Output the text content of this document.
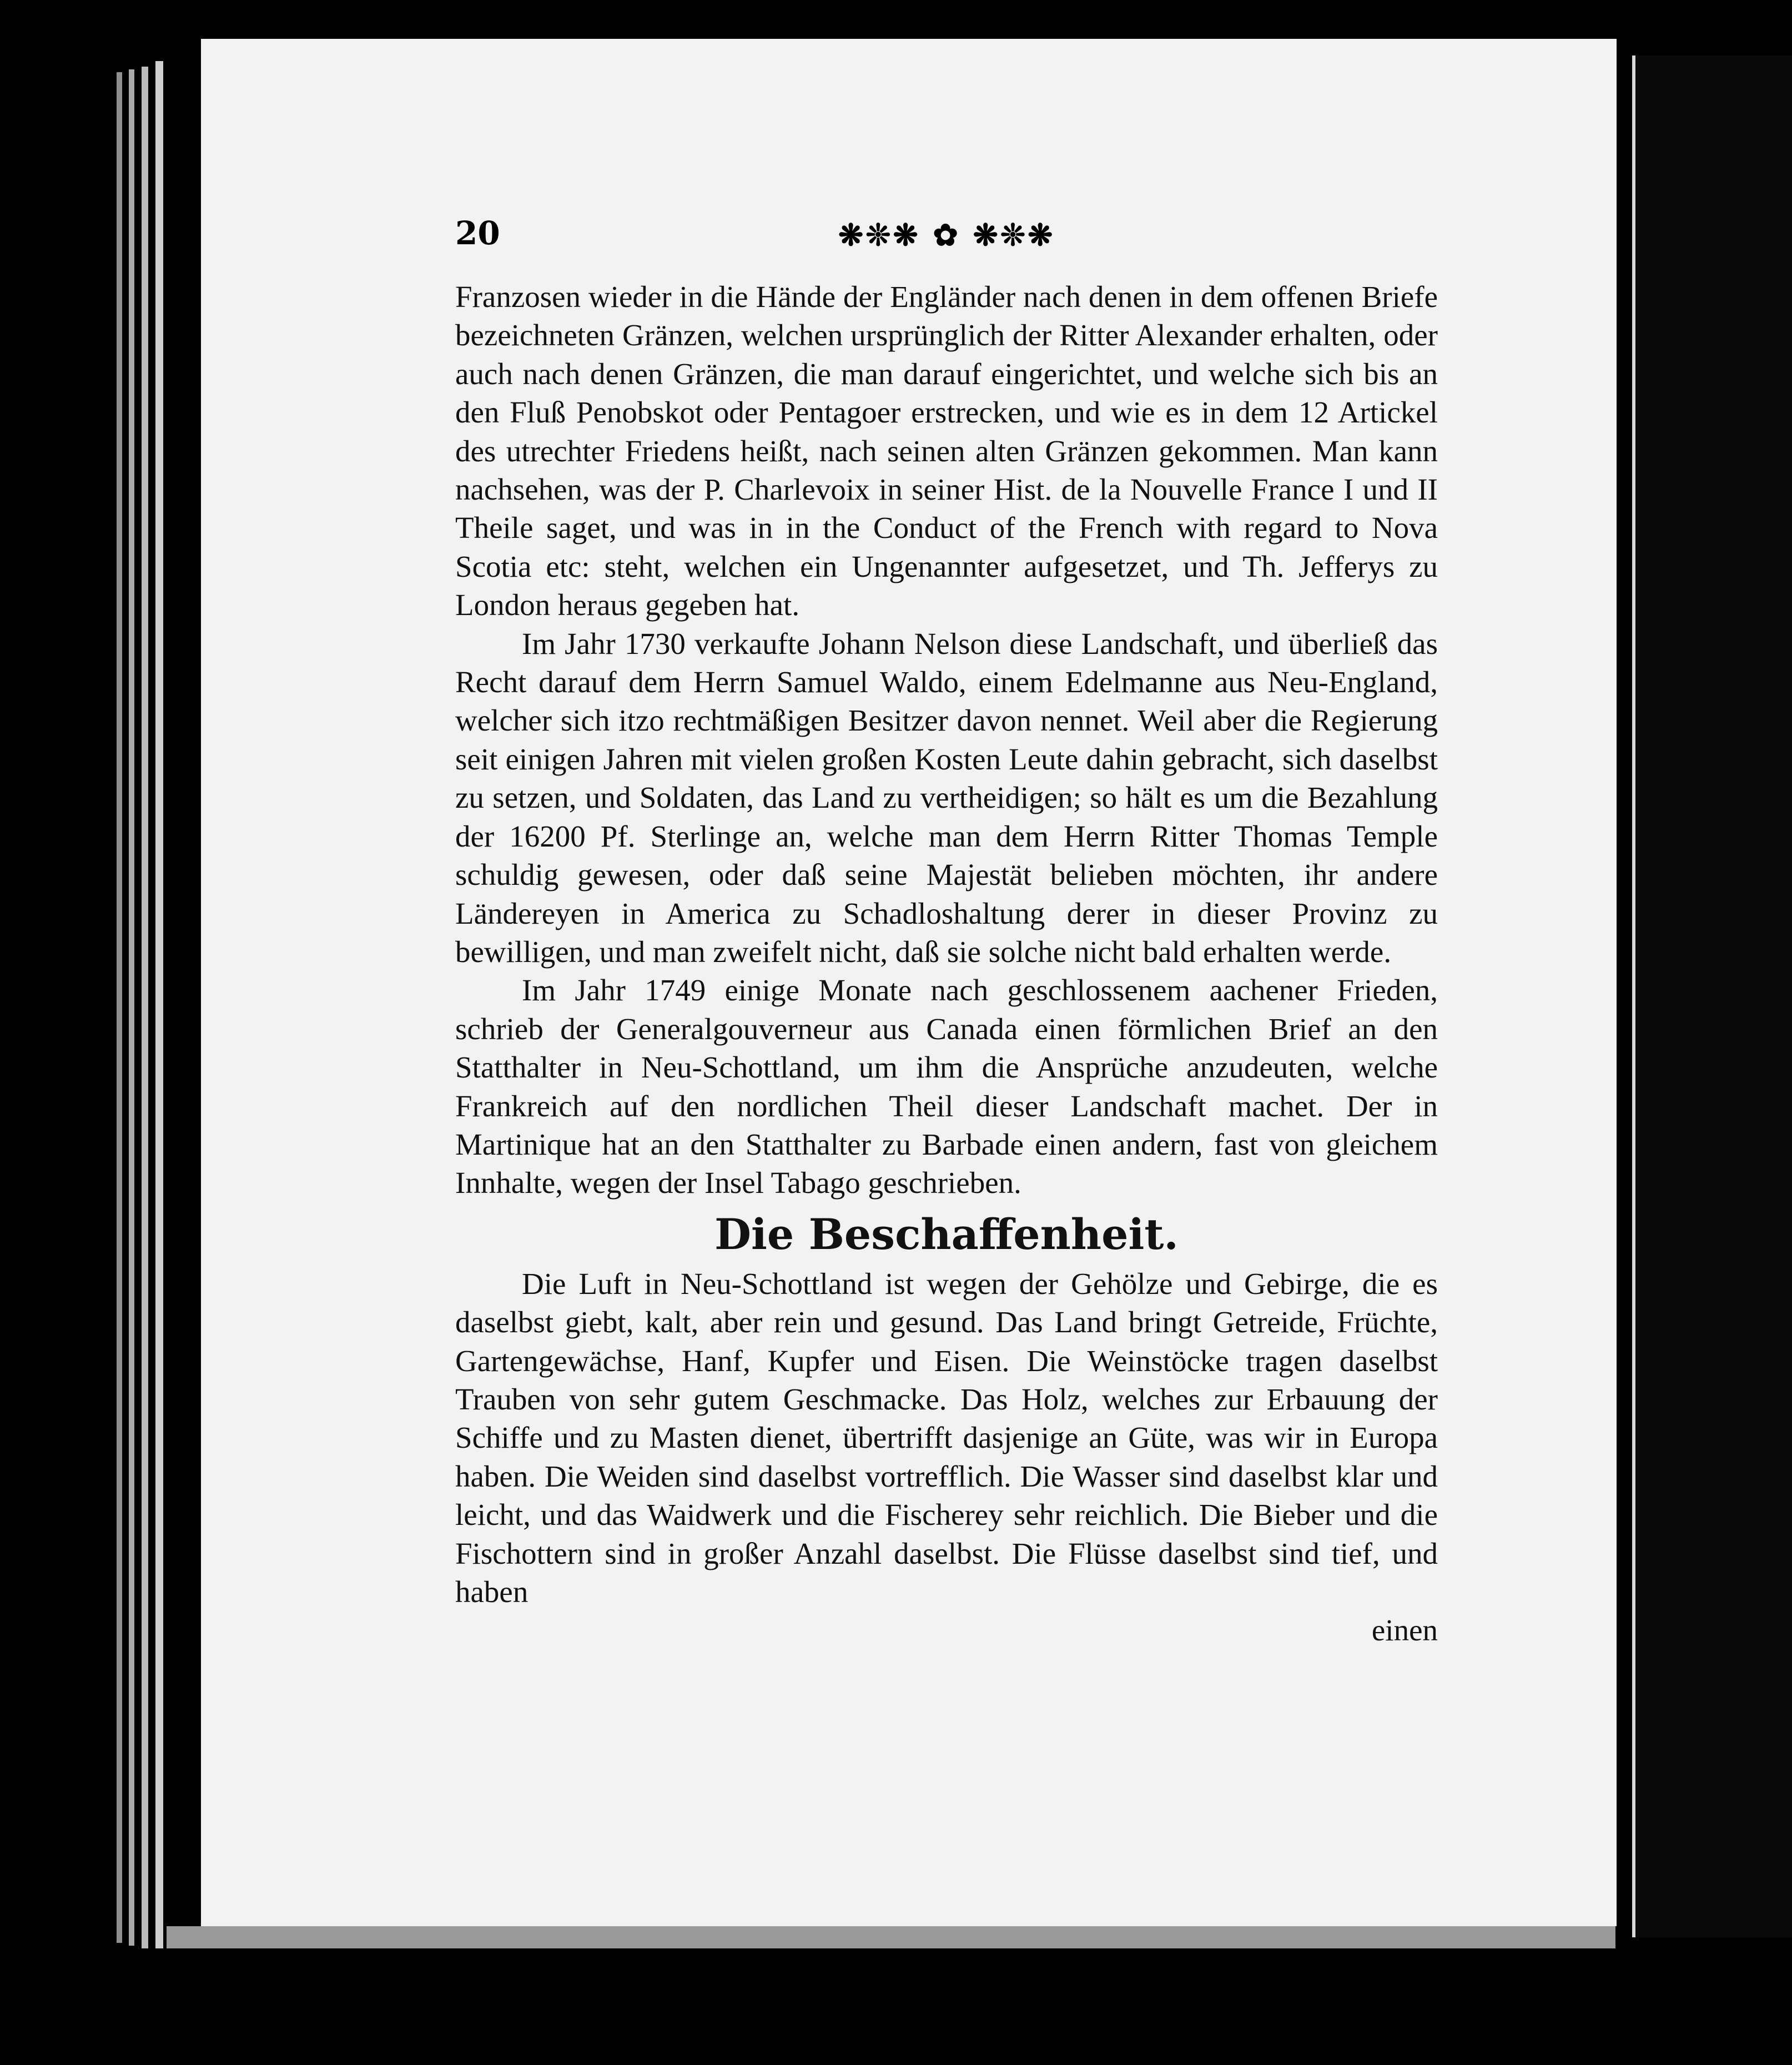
20	❋❊❋ ✿ ❋❊❋

Franzosen wieder in die Hände der Engländer nach denen in dem offenen Briefe bezeichneten Gränzen, welchen ursprünglich der Ritter Alexander erhalten, oder auch nach denen Gränzen, die man darauf eingerichtet, und welche sich bis an den Fluß Penobskot oder Pentagoer erstrecken, und wie es in dem 12 Artickel des utrechter Friedens heißt, nach seinen alten Gränzen gekommen. Man kann nachsehen, was der P. Charlevoix in seiner Hist. de la Nouvelle France I und II Theile saget, und was in in the Conduct of the French with regard to Nova Scotia etc: steht, welchen ein Ungenannter aufgesetzet, und Th. Jefferys zu London heraus gegeben hat.

Im Jahr 1730 verkaufte Johann Nelson diese Landschaft, und überließ das Recht darauf dem Herrn Samuel Waldo, einem Edelmanne aus Neu-England, welcher sich itzo rechtmäßigen Besitzer davon nennet. Weil aber die Regierung seit einigen Jahren mit vielen großen Kosten Leute dahin gebracht, sich daselbst zu setzen, und Soldaten, das Land zu vertheidigen; so hält es um die Bezahlung der 16200 Pf. Sterlinge an, welche man dem Herrn Ritter Thomas Temple schuldig gewesen, oder daß seine Majestät belieben möchten, ihr andere Ländereyen in America zu Schadloshaltung derer in dieser Provinz zu bewilligen, und man zweifelt nicht, daß sie solche nicht bald erhalten werde.

Im Jahr 1749 einige Monate nach geschlossenem aachener Frieden, schrieb der Generalgouverneur aus Canada einen förmlichen Brief an den Statthalter in Neu-Schottland, um ihm die Ansprüche anzudeuten, welche Frankreich auf den nordlichen Theil dieser Landschaft machet. Der in Martinique hat an den Statthalter zu Barbade einen andern, fast von gleichem Innhalte, wegen der Insel Tabago geschrieben.

Die Beschaffenheit.

Die Luft in Neu-Schottland ist wegen der Gehölze und Gebirge, die es daselbst giebt, kalt, aber rein und gesund. Das Land bringt Getreide, Früchte, Gartengewächse, Hanf, Kupfer und Eisen. Die Weinstöcke tragen daselbst Trauben von sehr gutem Geschmacke. Das Holz, welches zur Erbauung der Schiffe und zu Masten dienet, übertrifft dasjenige an Güte, was wir in Europa haben. Die Weiden sind daselbst vortrefflich. Die Wasser sind daselbst klar und leicht, und das Waidwerk und die Fischerey sehr reichlich. Die Bieber und die Fischottern sind in großer Anzahl daselbst. Die Flüsse daselbst sind tief, und haben

einen
